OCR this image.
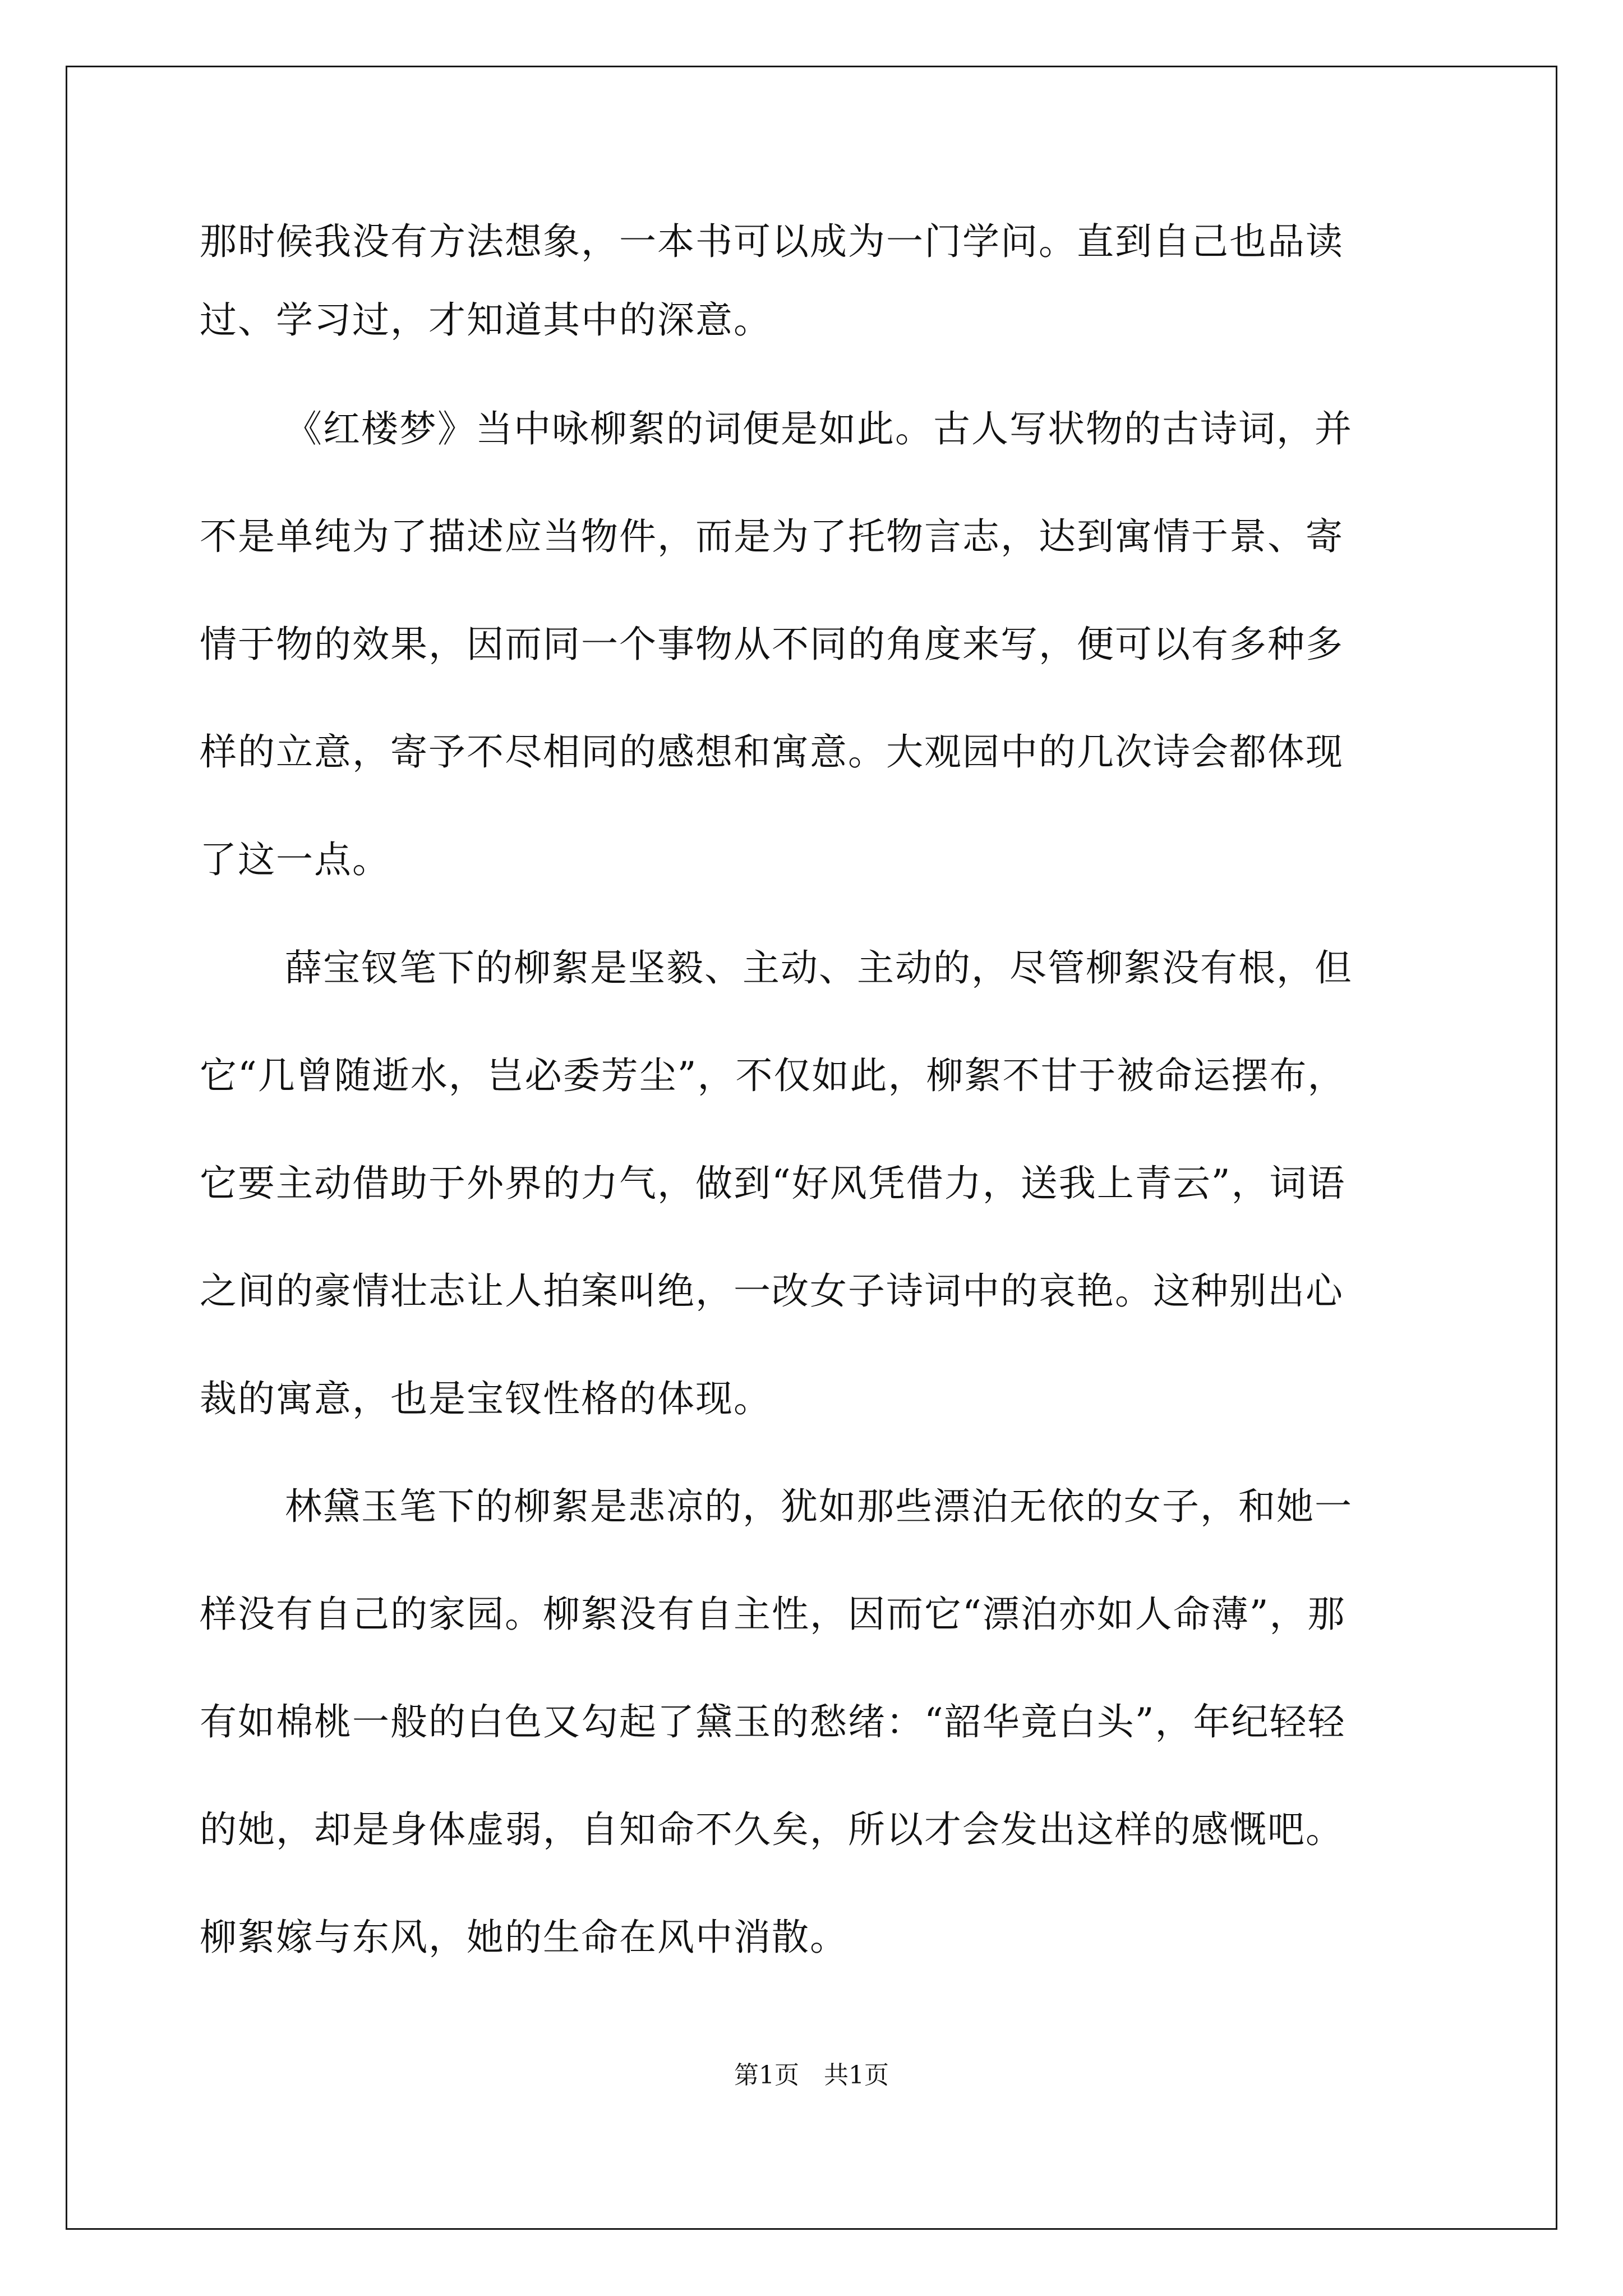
那时候我没有方法想象，一本书可以成为一门学问。直到自己也品读
过、学习过，才知道其中的深意。
《红楼梦》当中咏柳絮的词便是如此。古人写状物的古诗词，并
不是单纯为了描述应当物件，而是为了托物言志，达到寓情于景、寄
情于物的效果，因而同一个事物从不同的角度来写，便可以有多种多
样的立意，寄予不尽相同的感想和寓意。大观园中的几次诗会都体现
了这一点。
薛宝钗笔下的柳絮是坚毅、主动、主动的，尽管柳絮没有根，但
它“几曾随逝水，岂必委芳尘”，不仅如此，柳絮不甘于被命运摆布，
它要主动借助于外界的力气，做到“好风凭借力，送我上青云”，词语
之间的豪情壮志让人拍案叫绝，一改女子诗词中的哀艳。这种别出心
裁的寓意，也是宝钗性格的体现。
林黛玉笔下的柳絮是悲凉的，犹如那些漂泊无依的女子，和她一
样没有自己的家园。柳絮没有自主性，因而它“漂泊亦如人命薄”，那
有如棉桃一般的白色又勾起了黛玉的愁绪：“韶华竟白头”，年纪轻轻
的她，却是身体虚弱，自知命不久矣，所以才会发出这样的感慨吧。
柳絮嫁与东风，她的生命在风中消散。
第1页　共1页
